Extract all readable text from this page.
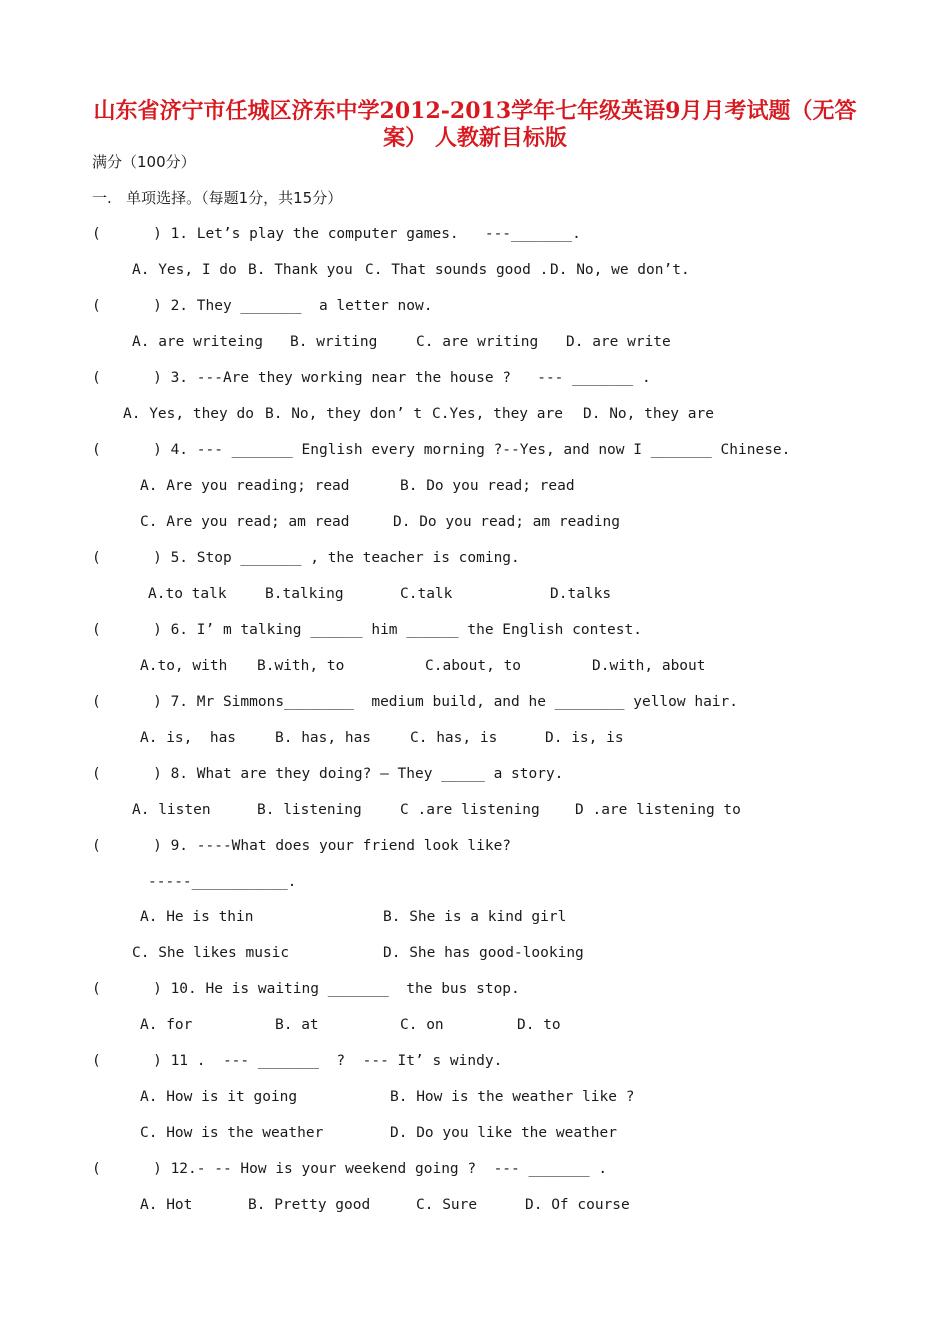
山东省济宁市任城区济东中学2012-2013学年七年级英语9月月考试题（无答
案） 人教新目标版
满分（100分）
一.   单项选择。（每题1分，共15分）
(      ) 1. Let’s play the computer games.   ---_______.
A. Yes, I do B. Thank you C. That sounds good . D. No, we don’t.
(      ) 2. They _______  a letter now.
A. are writeing B. writing	C. are writing D. are write
(      ) 3. ---Are they working near the house ?   --- _______ .
A. Yes, they do B. No, they don’ t C.Yes, they are D. No, they are
(      ) 4. --- _______ English every morning ?--Yes, and now I _______ Chinese.
A. Are you reading; read	B. Do you read; read
C. Are you read; am read	D. Do you read; am reading
(      ) 5. Stop _______ , the teacher is coming.
A.to talk	B.talking	C.talk	D.talks
(      ) 6. I’ m talking ______ him ______ the English contest.
A.to, with B.with, to	C.about, to	D.with, about
(      ) 7. Mr Simmons________  medium build, and he ________ yellow hair.
A. is,  has	B. has, has	C. has, is	D. is, is
(      ) 8. What are they doing? – They _____ a story.
A. listen	B. listening	C .are listening D .are listening to
(      ) 9. ----What does your friend look like?
-----___________.
A. He is thin	B. She is a kind girl
C. She likes music	D. She has good-looking
(      ) 10. He is waiting _______  the bus stop.
A. for	B. at	C. on	D. to
(      ) 11 .  --- _______  ?  --- It’ s windy.
A. How is it going	B. How is the weather like ?
C. How is the weather	D. Do you like the weather
(      ) 12.- -- How is your weekend going ?  --- _______ .
A. Hot	B. Pretty good	C. Sure	D. Of course
